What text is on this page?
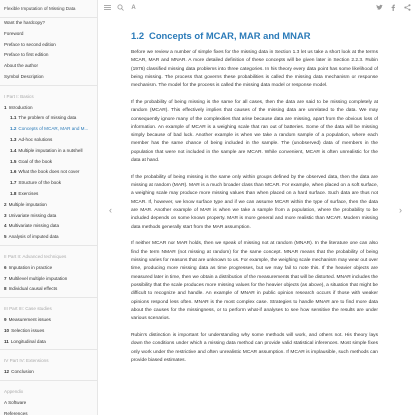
Flexible Imputation of Missing Data
Want the hardcopy?
Foreword
Preface to second edition
Preface to first edition
About the author
Symbol Description
I Part I: Basics
1 Introduction
1.1 The problem of missing data
1.2 Concepts of MCAR, MAR and M...
1.3 Ad-hoc solutions
1.4 Multiple imputation in a nutshell
1.5 Goal of the book
1.6 What the book does not cover
1.7 Structure of the book
1.8 Exercises
2 Multiple imputation
3 Univariate missing data
4 Multivariate missing data
5 Analysis of imputed data
II Part II: Advanced techniques
6 Imputation in practice
7 Multilevel multiple imputation
8 Individual causal effects
III Part III: Case studies
9 Measurement issues
10 Selection issues
11 Longitudinal data
IV Part IV: Extensions
12 Conclusion
Appendix
A Software
References
A
‹	›
1.2 Concepts of MCAR, MAR and MNAR

Before we review a number of simple fixes for the missing data in Section 1.3 let us take a short look at the terms MCAR, MAR and MNAR. A more detailed definition of these concepts will be given later in Section 2.2.3. Rubin (1976) classified missing data problems into three categories. In his theory every data point has some likelihood of being missing. The process that governs these probabilities is called the missing data mechanism or response mechanism. The model for the process is called the missing data model or response model.

If the probability of being missing is the same for all cases, then the data are said to be missing completely at random (MCAR). This effectively implies that causes of the missing data are unrelated to the data. We may consequently ignore many of the complexities that arise because data are missing, apart from the obvious loss of information. An example of MCAR is a weighing scale that ran out of batteries. Some of the data will be missing simply because of bad luck. Another example is when we take a random sample of a population, where each member has the same chance of being included in the sample. The (unobserved) data of members in the population that were not included in the sample are MCAR. While convenient, MCAR is often unrealistic for the data at hand.

If the probability of being missing is the same only within groups defined by the observed data, then the data are missing at random (MAR). MAR is a much broader class than MCAR. For example, when placed on a soft surface, a weighing scale may produce more missing values than when placed on a hard surface. Such data are thus not MCAR. If, however, we know surface type and if we can assume MCAR within the type of surface, then the data are MAR. Another example of MAR is when we take a sample from a population, where the probability to be included depends on some known property. MAR is more general and more realistic than MCAR. Modern missing data methods generally start from the MAR assumption.

If neither MCAR nor MAR holds, then we speak of missing not at random (MNAR). In the literature one can also find the term NMAR (not missing at random) for the same concept. MNAR means that the probability of being missing varies for reasons that are unknown to us. For example, the weighing scale mechanism may wear out over time, producing more missing data as time progresses, but we may fail to note this. If the heavier objects are measured later in time, then we obtain a distribution of the measurements that will be distorted. MNAR includes the possibility that the scale produces more missing values for the heavier objects (as above), a situation that might be difficult to recognize and handle. An example of MNAR in public opinion research occurs if those with weaker opinions respond less often. MNAR is the most complex case. Strategies to handle MNAR are to find more data about the causes for the missingness, or to perform what-if analyses to see how sensitive the results are under various scenarios.

Rubin's distinction is important for understanding why some methods will work, and others not. His theory lays down the conditions under which a missing data method can provide valid statistical inferences. Most simple fixes only work under the restrictive and often unrealistic MCAR assumption. If MCAR is implausible, such methods can provide biased estimates.
